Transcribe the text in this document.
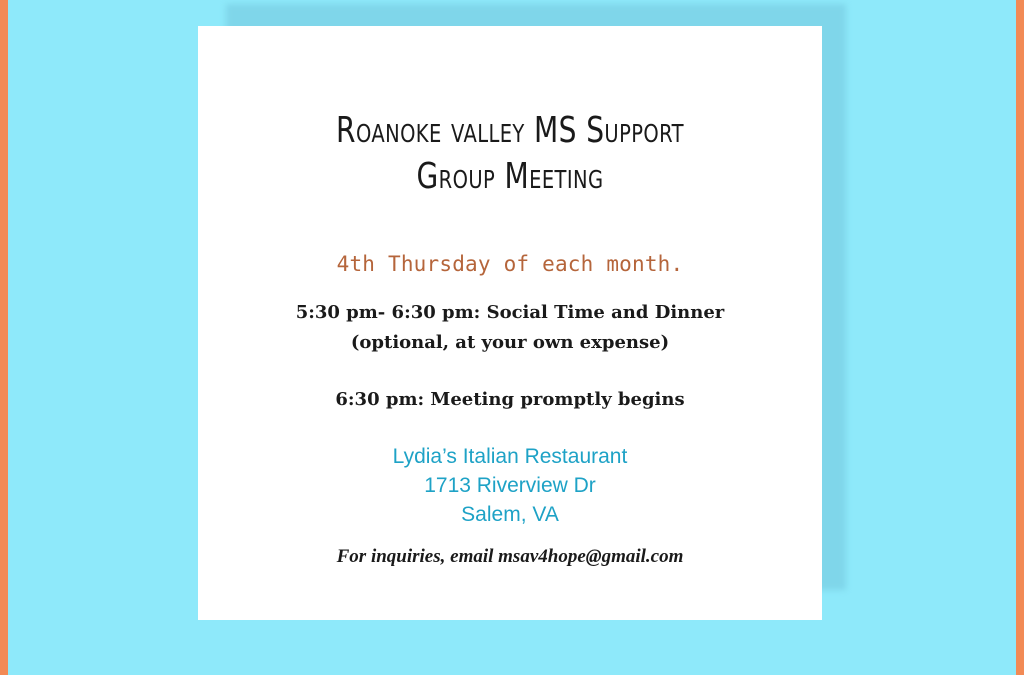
Roanoke valley MS Support
Group Meeting
4th Thursday of each month.
5:30 pm- 6:30 pm: Social Time and Dinner
(optional, at your own expense)
6:30 pm: Meeting promptly begins
Lydia’s Italian Restaurant
1713 Riverview Dr
Salem, VA
For inquiries, email msav4hope@gmail.com
